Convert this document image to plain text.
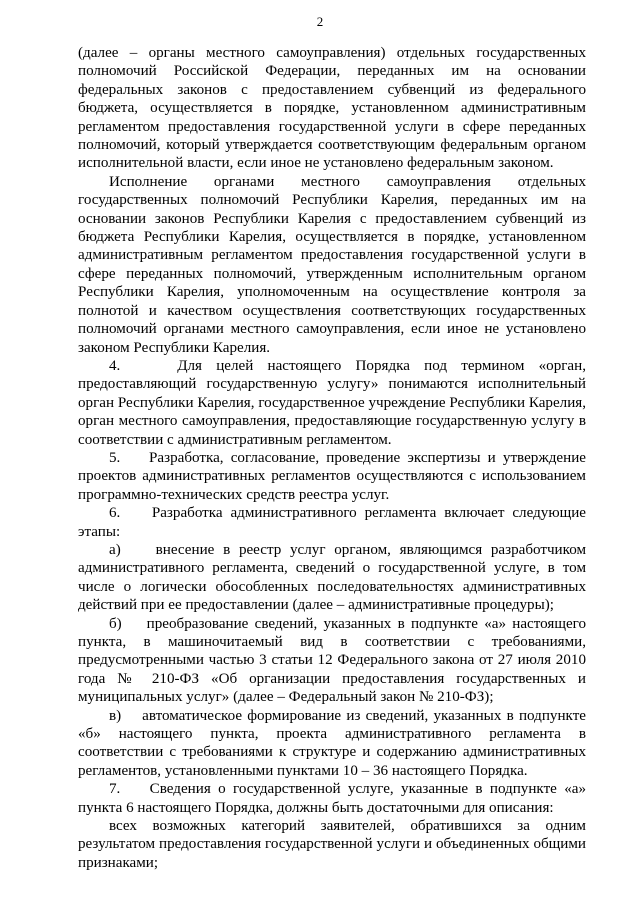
2

(далее – органы местного самоуправления) отдельных государственных полномочий Российской Федерации, переданных им на основании федеральных законов с предоставлением субвенций из федерального бюджета, осуществляется в порядке, установленном административным регламентом предоставления государственной услуги в сфере переданных полномочий, который утверждается соответствующим федеральным органом исполнительной власти, если иное не установлено федеральным законом.

Исполнение органами местного самоуправления отдельных государственных полномочий Республики Карелия, переданных им на основании законов Республики Карелия с предоставлением субвенций из бюджета Республики Карелия, осуществляется в порядке, установленном административным регламентом предоставления государственной услуги в сфере переданных полномочий, утвержденным исполнительным органом Республики Карелия, уполномоченным на осуществление контроля за полнотой и качеством осуществления соответствующих государственных полномочий органами местного самоуправления, если иное не установлено законом Республики Карелия.

4.    Для целей настоящего Порядка под термином «орган, предоставляющий государственную услугу» понимаются исполнительный орган Республики Карелия, государственное учреждение Республики Карелия, орган местного самоуправления, предоставляющие государственную услугу в соответствии с административным регламентом.

5.    Разработка, согласование, проведение экспертизы и утверждение проектов административных регламентов осуществляются с использованием программно-технических средств реестра услуг.

6.    Разработка административного регламента включает следующие этапы:

а)    внесение в реестр услуг органом, являющимся разработчиком административного регламента, сведений о государственной услуге, в том числе о логически обособленных последовательностях административных действий при ее предоставлении (далее – административные процедуры);

б)    преобразование сведений, указанных в подпункте «а» настоящего пункта, в машиночитаемый вид в соответствии с требованиями, предусмотренными частью 3 статьи 12 Федерального закона от 27 июля 2010 года № 210-ФЗ «Об организации предоставления государственных и муниципальных услуг» (далее – Федеральный закон № 210-ФЗ);

в)    автоматическое формирование из сведений, указанных в подпункте «б» настоящего пункта, проекта административного регламента в соответствии с требованиями к структуре и содержанию административных регламентов, установленными пунктами 10 – 36 настоящего Порядка.

7.    Сведения о государственной услуге, указанные в подпункте «а» пункта 6 настоящего Порядка, должны быть достаточными для описания:

всех возможных категорий заявителей, обратившихся за одним результатом предоставления государственной услуги и объединенных общими признаками;
